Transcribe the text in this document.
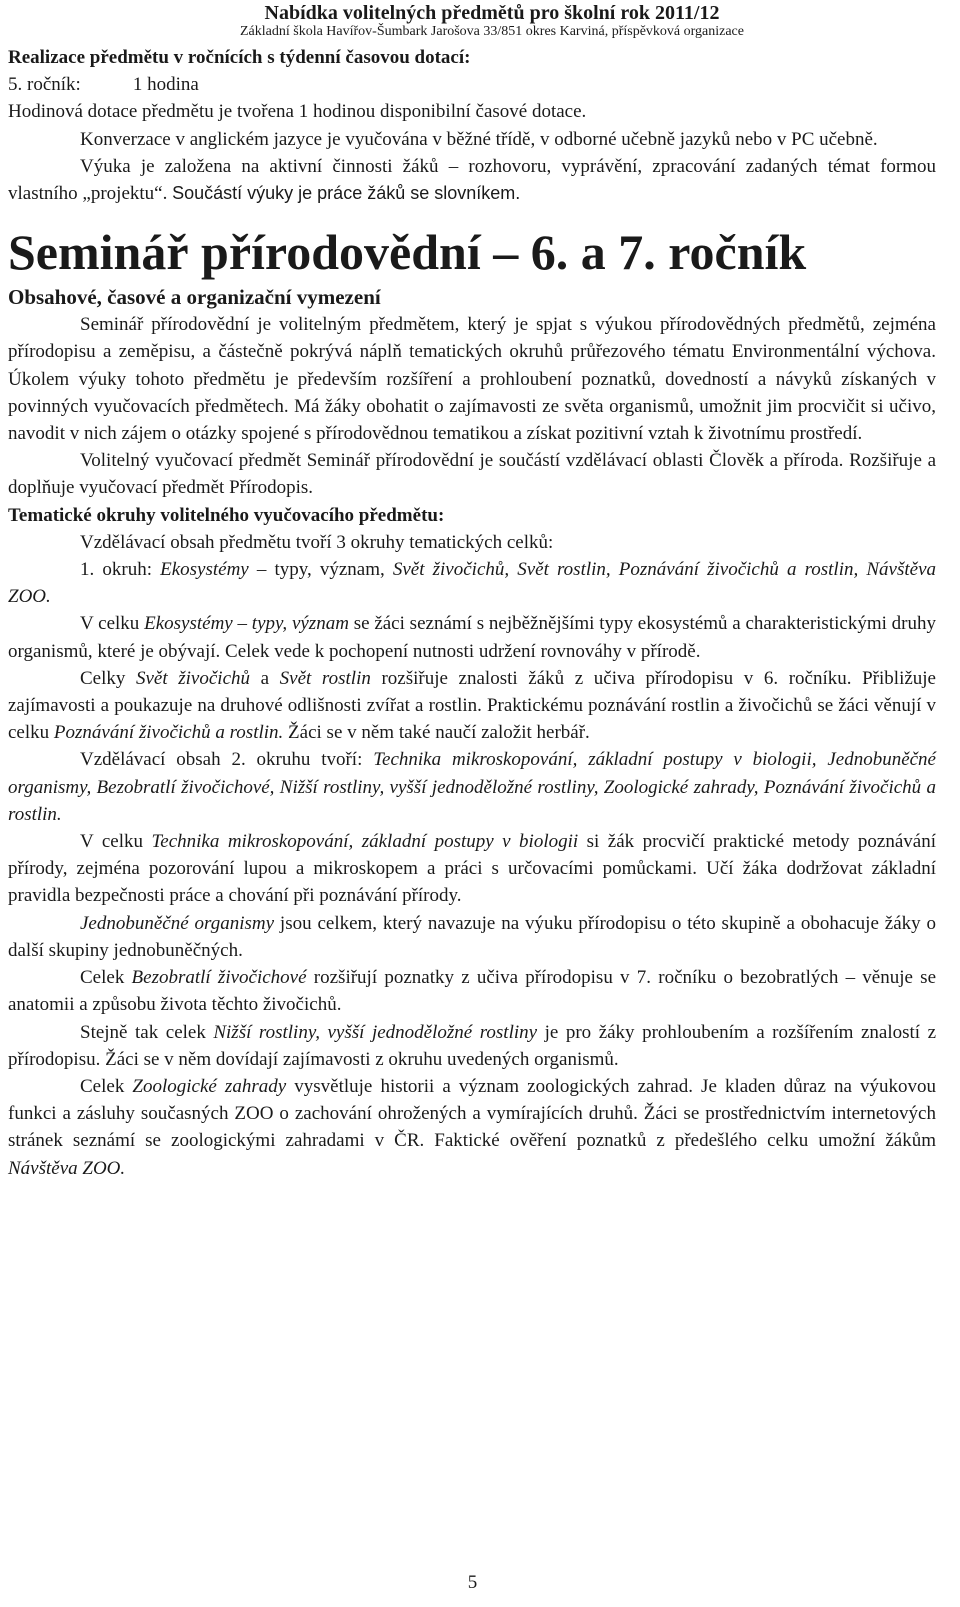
Nabídka volitelných předmětů pro školní rok 2011/12
Základní škola Havířov-Šumbark Jarošova 33/851 okres Karviná, příspěvková organizace

Realizace předmětu v ročnících s týdenní časovou dotací:

5. ročník:	1 hodina

Hodinová dotace předmětu je tvořena 1 hodinou disponibilní časové dotace.

Konverzace v anglickém jazyce je vyučována v běžné třídě, v odborné učebně jazyků nebo v PC učebně.

Výuka je založena na aktivní činnosti žáků – rozhovoru, vyprávění, zpracování zadaných témat formou vlastního „projektu“. Součástí výuky je práce žáků se slovníkem.

Seminář přírodovědní – 6. a 7. ročník
Obsahové, časové a organizační vymezení

Seminář přírodovědní je volitelným předmětem, který je spjat s výukou přírodovědných předmětů, zejména přírodopisu a zeměpisu, a částečně pokrývá náplň tematických okruhů průřezového tématu Environmentální výchova. Úkolem výuky tohoto předmětu je především rozšíření a prohloubení poznatků, dovedností a návyků získaných v povinných vyučovacích předmětech. Má žáky obohatit o zajímavosti ze světa organismů, umožnit jim procvičit si učivo, navodit v nich zájem o otázky spojené s přírodovědnou tematikou a získat pozitivní vztah k životnímu prostředí.

Volitelný vyučovací předmět Seminář přírodovědní je součástí vzdělávací oblasti Člověk a příroda. Rozšiřuje a doplňuje vyučovací předmět Přírodopis.

Tematické okruhy volitelného vyučovacího předmětu:

Vzdělávací obsah předmětu tvoří 3 okruhy tematických celků:

1. okruh: Ekosystémy – typy, význam, Svět živočichů, Svět rostlin, Poznávání živočichů a rostlin, Návštěva ZOO.

V celku Ekosystémy – typy, význam se žáci seznámí s nejběžnějšími typy ekosystémů a charakteristickými druhy organismů, které je obývají. Celek vede k pochopení nutnosti udržení rovnováhy v přírodě.

Celky Svět živočichů a Svět rostlin rozšiřuje znalosti žáků z učiva přírodopisu v 6. ročníku. Přibližuje zajímavosti a poukazuje na druhové odlišnosti zvířat a rostlin. Praktickému poznávání rostlin a živočichů se žáci věnují v celku Poznávání živočichů a rostlin. Žáci se v něm také naučí založit herbář.

Vzdělávací obsah 2. okruhu tvoří: Technika mikroskopování, základní postupy v biologii, Jednobuněčné organismy, Bezobratlí živočichové, Nižší rostliny, vyšší jednoděložné rostliny, Zoologické zahrady, Poznávání živočichů a rostlin.

V celku Technika mikroskopování, základní postupy v biologii si žák procvičí praktické metody poznávání přírody, zejména pozorování lupou a mikroskopem a práci s určovacími pomůckami. Učí žáka dodržovat základní pravidla bezpečnosti práce a chování při poznávání přírody.

Jednobuněčné organismy jsou celkem, který navazuje na výuku přírodopisu o této skupině a obohacuje žáky o další skupiny jednobuněčných.

Celek Bezobratlí živočichové rozšiřují poznatky z učiva přírodopisu v 7. ročníku o bezobratlých – věnuje se anatomii a způsobu života těchto živočichů.

Stejně tak celek Nižší rostliny, vyšší jednoděložné rostliny je pro žáky prohloubením a rozšířením znalostí z přírodopisu. Žáci se v něm dovídají zajímavosti z okruhu uvedených organismů.

Celek Zoologické zahrady vysvětluje historii a význam zoologických zahrad. Je kladen důraz na výukovou funkci a zásluhy současných ZOO o zachování ohrožených a vymírajících druhů. Žáci se prostřednictvím internetových stránek seznámí se zoologickými zahradami v ČR. Faktické ověření poznatků z předešlého celku umožní žákům Návštěva ZOO.

5
